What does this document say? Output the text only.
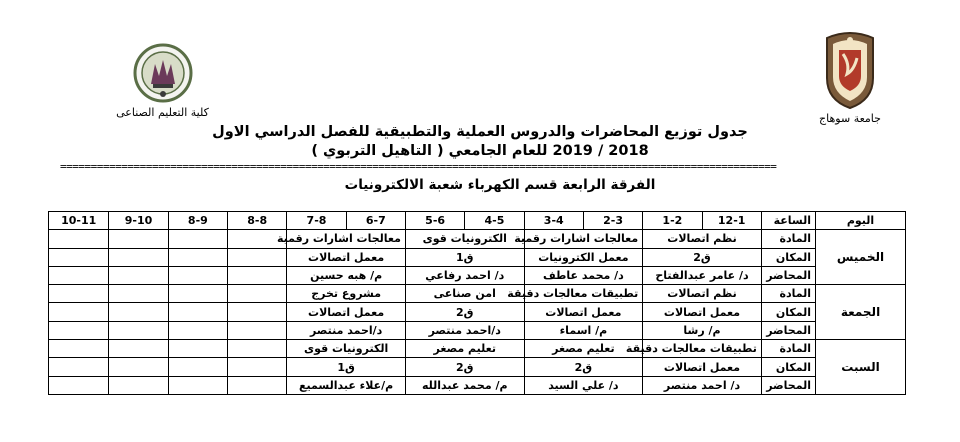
جامعة سوهاج
كلية التعليم الصناعى
جدول توزيع المحاضرات والدروس العملية والتطبيقية للفصل الدراسي الاول
2018 / 2019 للعام الجامعي ( التاهيل التربوي )
=====================================================================================================================
الفرقة الرابعة قسم الكهرباء شعبة الالكترونيات
اليوم	الساعة	12-1	1-2	2-3	3-4	4-5	5-6	6-7	7-8	8-8	8-9	9-10	10-11
الخميس	المادة	نظم اتصالات		معالجات اشارات رقمية		الكترونيات قوى		معالجات اشارات رقمية					
	المكان	ق2		معمل الكترونيات		ق1		معمل اتصالات					
	المحاضر	د/ عامر عبدالفتاح		د/ محمد عاطف		د/ احمد رفاعي		م/ هبه حسين					
الجمعة	المادة	نظم اتصالات		تطبيقات معالجات دقيقة		امن صناعى		مشروع تخرج					
	المكان	معمل اتصالات		معمل اتصالات		ق2		معمل اتصالات					
	المحاضر	م/ رشا		م/ اسماء		د/احمد منتصر		د/احمد منتصر					
السبت	المادة	تطبيقات معالجات دقيقة		تعليم مصغر		تعليم مصغر		الكترونيات قوى					
	المكان	معمل اتصالات		ق2		ق2		ق1					
	المحاضر	د/ احمد منتصر		د/ علي السيد		م/ محمد عبدالله		م/علاء عبدالسميع					
